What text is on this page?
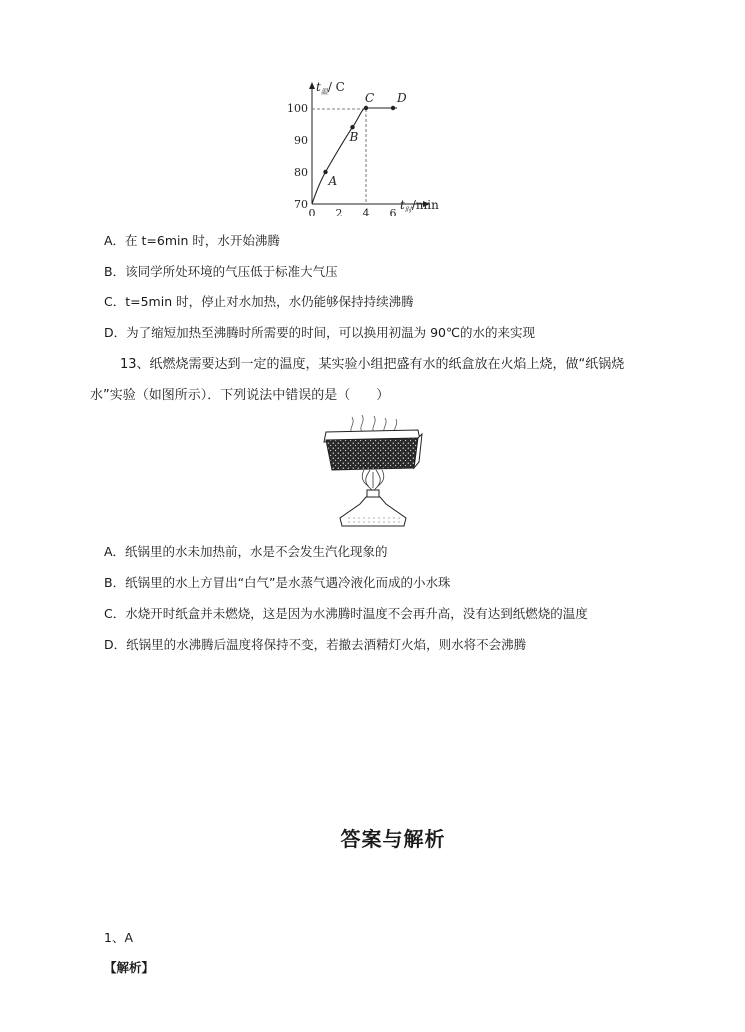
$t_温/$ C
$t_时/\min$
70
80
90
100
0 2 4 6
A
B
C D
A．在 t=6min 时，水开始沸腾
B．该同学所处环境的气压低于标准大气压
C．t=5min 时，停止对水加热，水仍能够保持持续沸腾
D．为了缩短加热至沸腾时所需要的时间，可以换用初温为 90℃的水的来实现
13、纸燃烧需要达到一定的温度，某实验小组把盛有水的纸盒放在火焰上烧，做“纸锅烧
水”实验（如图所示）．下列说法中错误的是（　　）
A．纸锅里的水未加热前，水是不会发生汽化现象的
B．纸锅里的水上方冒出“白气”是水蒸气遇冷液化而成的小水珠
C．水烧开时纸盒并未燃烧，这是因为水沸腾时温度不会再升高，没有达到纸燃烧的温度
D．纸锅里的水沸腾后温度将保持不变，若撤去酒精灯火焰，则水将不会沸腾
答案与解析
1、A
【解析】
